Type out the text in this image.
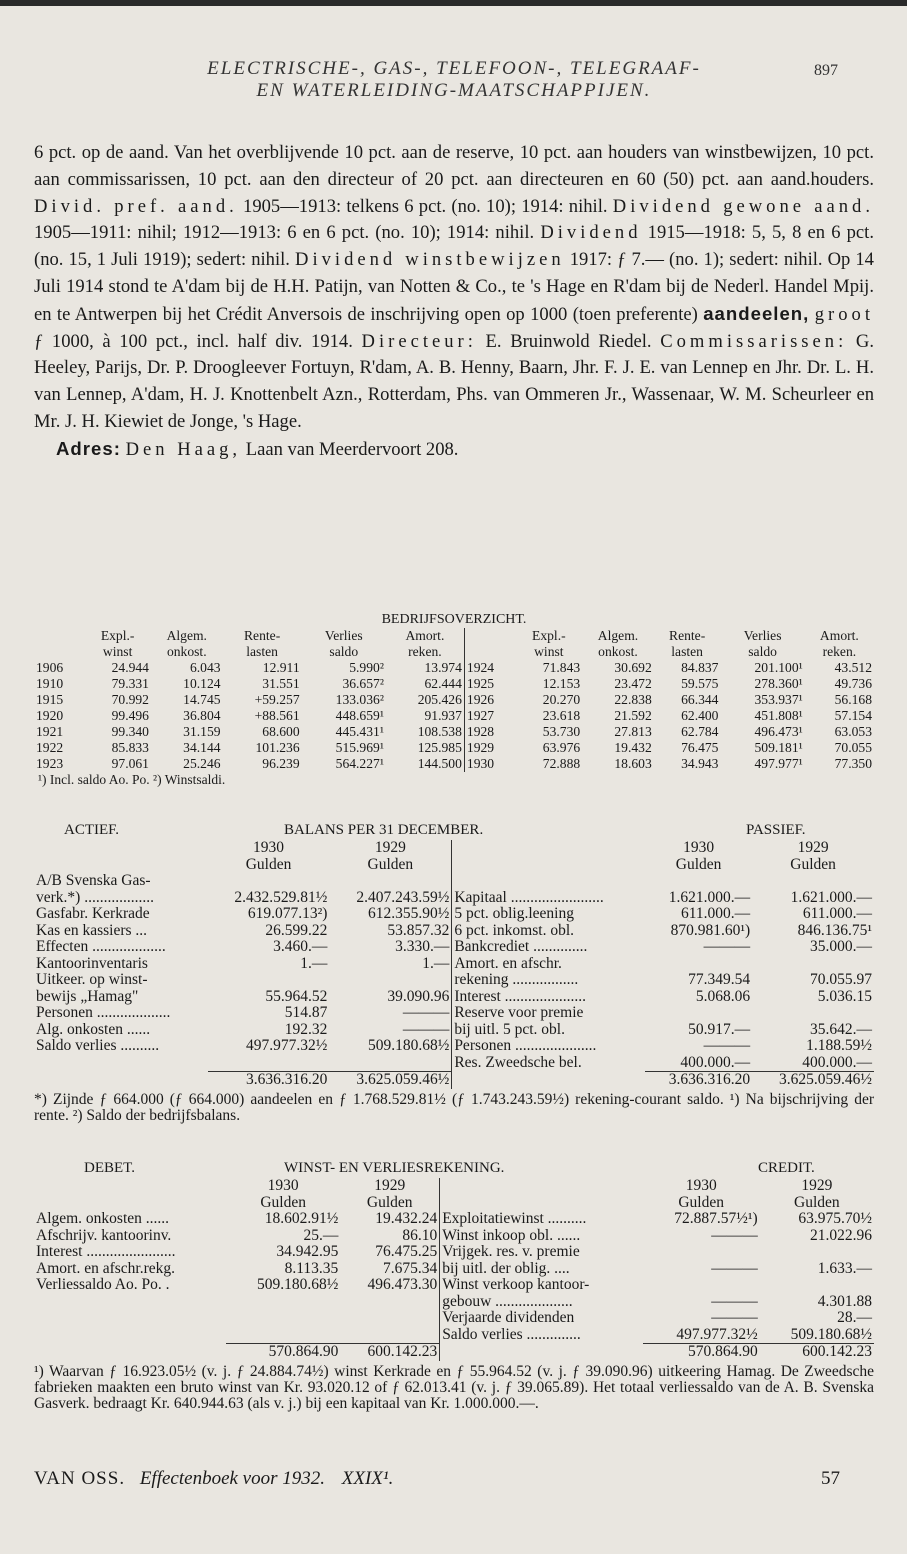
ELECTRISCHE-, GAS-, TELEFOON-, TELEGRAAF-
EN WATERLEIDING-MAATSCHAPPIJEN.
897
6 pct. op de aand. Van het overblijvende 10 pct. aan de reserve, 10 pct. aan houders van winstbewijzen, 10 pct. aan commissarissen, 10 pct. aan den directeur of 20 pct. aan directeuren en 60 (50) pct. aan aand.houders. Divid. pref. aand. 1905—1913: telkens 6 pct. (no. 10); 1914: nihil. Dividend gewone aand. 1905—1911: nihil; 1912—1913: 6 en 6 pct. (no. 10); 1914: nihil. Dividend 1915—1918: 5, 5, 8 en 6 pct. (no. 15, 1 Juli 1919); sedert: nihil. Dividend winstbewijzen 1917: ƒ 7.— (no. 1); sedert: nihil. Op 14 Juli 1914 stond te A'dam bij de H.H. Patijn, van Notten & Co., te 's Hage en R'dam bij de Nederl. Handel Mpij. en te Antwerpen bij het Crédit Anversois de inschrijving open op 1000 (toen preferente) aandeelen, groot ƒ 1000, à 100 pct., incl. half div. 1914. Directeur: E. Bruinwold Riedel. Commissarissen: G. Heeley, Parijs, Dr. P. Droogleever Fortuyn, R'dam, A. B. Henny, Baarn, Jhr. F. J. E. van Lennep en Jhr. Dr. L. H. van Lennep, A'dam, H. J. Knottenbelt Azn., Rotterdam, Phs. van Ommeren Jr., Wassenaar, W. M. Scheurleer en Mr. J. H. Kiewiet de Jonge, 's Hage.
Adres: Den Haag, Laan van Meerdervoort 208.
BEDRIJFSOVERZICHT.
	Expl.-	Algem.	Rente-	Verlies	Amort.		Expl.-	Algem.	Rente-	Verlies	Amort.
	winst	onkost.	lasten	saldo	reken.		winst	onkost.	lasten	saldo	reken.
1906	24.944	6.043	12.911	5.990²	13.974	1924	71.843	30.692	84.837	201.100¹	43.512
1910	79.331	10.124	31.551	36.657²	62.444	1925	12.153	23.472	59.575	278.360¹	49.736
1915	70.992	14.745	+59.257	133.036²	205.426	1926	20.270	22.838	66.344	353.937¹	56.168
1920	99.496	36.804	+88.561	448.659¹	91.937	1927	23.618	21.592	62.400	451.808¹	57.154
1921	99.340	31.159	68.600	445.431¹	108.538	1928	53.730	27.813	62.784	496.473¹	63.053
1922	85.833	34.144	101.236	515.969¹	125.985	1929	63.976	19.432	76.475	509.181¹	70.055
1923	97.061	25.246	96.239	564.227¹	144.500	1930	72.888	18.603	34.943	497.977¹	77.350
¹) Incl. saldo Ao. Po. ²) Winstsaldi.
ACTIEF.	BALANS PER 31 DECEMBER.	PASSIEF.
	1930	1929		1930	1929
	Gulden	Gulden		Gulden	Gulden
A/B Svenska Gas-					
verk.*) ..................	2.432.529.81½	2.407.243.59½	Kapitaal ........................	1.621.000.—	1.621.000.—
Gasfabr. Kerkrade	619.077.13²)	612.355.90½	5 pct. oblig.leening	611.000.—	611.000.—
Kas en kassiers ...	26.599.22	53.857.32	6 pct. inkomst. obl.	870.981.60¹)	846.136.75¹
Effecten ...................	3.460.—	3.330.—	Bankcrediet ..............	———	35.000.—
Kantoorinventaris	1.—	1.—	Amort. en afschr.		
Uitkeer. op winst-			rekening .................	77.349.54	70.055.97
bewijs „Hamag"	55.964.52	39.090.96	Interest .....................	5.068.06	5.036.15
Personen ...................	514.87	———	Reserve voor premie		
Alg. onkosten ......	192.32	———	bij uitl. 5 pct. obl.	50.917.—	35.642.—
Saldo verlies ..........	497.977.32½	509.180.68½	Personen .....................	———	1.188.59½
			Res. Zweedsche bel.	400.000.—	400.000.—
	3.636.316.20	3.625.059.46½		3.636.316.20	3.625.059.46½
*) Zijnde ƒ 664.000 (ƒ 664.000) aandeelen en ƒ 1.768.529.81½ (ƒ 1.743.243.59½) rekening-courant saldo. ¹) Na bijschrijving der rente. ²) Saldo der bedrijfsbalans.
DEBET.	WINST- EN VERLIESREKENING.	CREDIT.
	1930	1929		1930	1929
	Gulden	Gulden		Gulden	Gulden
Algem. onkosten ......	18.602.91½	19.432.24	Exploitatiewinst ..........	72.887.57½¹)	63.975.70½
Afschrijv. kantoorinv.	25.—	86.10	Winst inkoop obl. ......	———	21.022.96
Interest .......................	34.942.95	76.475.25	Vrijgek. res. v. premie		
Amort. en afschr.rekg.	8.113.35	7.675.34	bij uitl. der oblig. ....	———	1.633.—
Verliessaldo Ao. Po. .	509.180.68½	496.473.30	Winst verkoop kantoor-		
			gebouw ....................	———	4.301.88
			Verjaarde dividenden	———	28.—
			Saldo verlies ..............	497.977.32½	509.180.68½

	570.864.90	600.142.23		570.864.90	600.142.23
¹) Waarvan ƒ 16.923.05½ (v. j. ƒ 24.884.74½) winst Kerkrade en ƒ 55.964.52 (v. j. ƒ 39.090.96) uitkeering Hamag. De Zweedsche fabrieken maakten een bruto winst van Kr. 93.020.12 of ƒ 62.013.41 (v. j. ƒ 39.065.89). Het totaal verliessaldo van de A. B. Svenska Gasverk. bedraagt Kr. 640.944.63 (als v. j.) bij een kapitaal van Kr. 1.000.000.—.
VAN OSS. Effectenboek voor 1932. XXIX¹.	57
